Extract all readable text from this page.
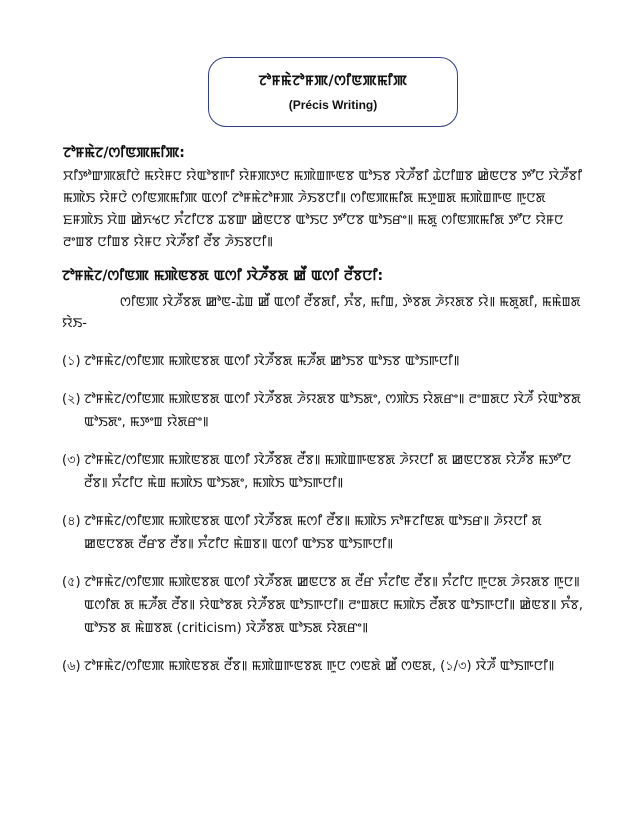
ꯖꯣꯝꯃꯥꯖꯣꯝꯄ/ꯁꯤꯟꯄꯃꯤꯄ
(Précis Writing)
ꯖꯣꯝꯃꯥꯖ/ꯁꯤꯟꯄꯃꯤꯄ:
ꯆꯤꯇꯣꯛꯄꯗꯤꯅꯥ ꯃꯌꯥꯝꯅ ꯌꯥꯑꯣꯕꯒꯤ ꯌꯥꯝꯄꯇꯅ ꯃꯄꯥꯡꯒꯟꯕ ꯑꯣꯏꯕ ꯋꯥꯍꯩꯕꯤ ꯊꯥꯅꯤꯡꯕ ꯀꯥꯟꯅꯕ ꯇꯧꯅ ꯋꯥꯍꯩꯕꯤ ꯃꯄꯥꯏ ꯌꯥꯝꯅꯥ ꯁꯤꯟꯄꯃꯤꯄ ꯑꯁꯤ ꯖꯣꯝꯃꯥꯖꯣꯝꯄ ꯍꯥꯏꯕꯅꯤ꯫ ꯁꯤꯟꯄꯃꯤꯗ ꯃꯇꯨꯡꯗ ꯃꯄꯥꯡꯒꯟ ꯒꯨꯅꯗ ꯐꯝꯄꯥꯏ ꯆꯥꯡ ꯀꯥꯈꯠꯅ ꯈꯪꯖꯤꯅꯕ ꯊꯕꯛ ꯀꯥꯟꯅꯕ ꯑꯣꯏꯅ ꯇꯧꯅꯕ ꯑꯣꯏꯔꯦ꯫ ꯃꯗꯨ ꯁꯤꯟꯄꯃꯤꯗ ꯇꯧꯅ ꯌꯥꯝꯅ ꯂꯦꯡꯕ ꯅꯤꯡꯕ ꯌꯥꯝꯅ ꯋꯥꯍꯩꯕꯤ ꯂꯩꯕ ꯍꯥꯏꯕꯅꯤ꯫
ꯖꯣꯝꯃꯥꯖ/ꯁꯤꯟꯄ ꯃꯄꯥꯟꯕꯗ ꯑꯁꯤ ꯋꯥꯍꯩꯕꯗ ꯀꯩ ꯑꯁꯤ ꯂꯩꯕꯅꯤ:
ꯁꯤꯟꯄ ꯋꯥꯍꯩꯕꯗ ꯀꯣꯟ-ꯊꯥꯡ ꯀꯩ ꯑꯁꯤ ꯂꯩꯕꯗꯤ, ꯈꯪꯕ, ꯃꯤꯡ, ꯇꯥꯕꯗ ꯍꯥꯌꯗꯕ ꯌꯥ꯫ ꯃꯗꯨꯗꯤ, ꯃꯃꯥꯡꯗ ꯌꯥꯏ-
(১) ꯖꯣꯝꯃꯥꯖ/ꯁꯤꯟꯄ ꯃꯄꯥꯟꯕꯗ ꯑꯁꯤ ꯋꯥꯍꯩꯕꯗ ꯃꯍꯩꯗ ꯀꯣꯏꯕ ꯑꯣꯏꯕ ꯑꯣꯏꯒꯅꯤ꯫
(২) ꯖꯣꯝꯃꯥꯖ/ꯁꯤꯟꯄ ꯃꯄꯥꯟꯕꯗ ꯑꯁꯤ ꯋꯥꯍꯩꯕꯗ ꯍꯥꯌꯗꯕ ꯑꯣꯏꯗꯦ, ꯁꯄꯥꯏ ꯌꯥꯗꯔꯦ꯫ ꯂꯦꯡꯗꯅ ꯋꯥꯍꯩ ꯌꯥꯑꯣꯕꯗ ꯑꯣꯏꯗꯦ, ꯃꯇꯦꯡ ꯌꯥꯗꯔꯦ꯫
(৩) ꯖꯣꯝꯃꯥꯖ/ꯁꯤꯟꯄ ꯃꯄꯥꯟꯕꯗ ꯑꯁꯤ ꯋꯥꯍꯩꯕꯗ ꯂꯩꯕ꯫ ꯃꯄꯥꯡꯒꯟꯕꯗ ꯍꯥꯌꯅꯤ ꯗ ꯀꯟꯅꯕꯗ ꯌꯥꯍꯩꯕ ꯃꯇꯧꯅ ꯂꯩꯕ꯫ ꯈꯪꯖꯤꯅ ꯃꯥꯡ ꯃꯄꯥꯏ ꯑꯣꯏꯗꯦ, ꯃꯄꯥꯏ ꯑꯣꯏꯒꯅꯤ꯫
(৪) ꯖꯣꯝꯃꯥꯖ/ꯁꯤꯟꯄ ꯃꯄꯥꯟꯕꯗ ꯑꯁꯤ ꯋꯥꯍꯩꯕꯗ ꯃꯁꯤ ꯂꯩꯕ꯫ ꯃꯄꯥꯏ ꯈꯣꯝꯖꯤꯟꯗ ꯑꯣꯏꯔ꯫ ꯍꯥꯌꯅꯤ ꯗ ꯀꯟꯅꯕꯗ ꯂꯩꯔꯕ ꯂꯩꯕ꯫ ꯈꯪꯖꯤꯅ ꯃꯥꯡꯕ꯫ ꯑꯁꯤ ꯑꯣꯏꯕ ꯑꯣꯏꯒꯅꯤ꯫
(৫) ꯖꯣꯝꯃꯥꯖ/ꯁꯤꯟꯄ ꯃꯄꯥꯟꯕꯗ ꯑꯁꯤ ꯋꯥꯍꯩꯕꯗ ꯀꯟꯅꯕ ꯗ ꯂꯩꯔ ꯈꯪꯖꯤꯟ ꯂꯩꯕ꯫ ꯈꯪꯖꯤꯅ ꯒꯨꯅꯗ ꯍꯥꯌꯗꯕ ꯒꯨꯅ꯫ ꯑꯁꯤꯗ ꯗ ꯃꯍꯩꯗ ꯂꯩꯕ꯫ ꯌꯥꯑꯣꯕꯗ ꯌꯥꯍꯩꯕꯗ ꯑꯣꯏꯒꯅꯤ꯫ ꯂꯦꯡꯗꯅ ꯃꯄꯥꯏ ꯂꯩꯗꯕ ꯑꯣꯏꯒꯅꯤ꯫ ꯀꯥꯟꯕ꯫ ꯈꯪꯕ, ꯑꯣꯏꯕ ꯗ ꯃꯥꯡꯕꯗ (criticism) ꯋꯥꯍꯩꯕꯗ ꯑꯣꯏꯗ ꯌꯥꯗꯔꯦ꯫
(৬) ꯖꯣꯝꯃꯥꯖ/ꯁꯤꯟꯄ ꯃꯄꯥꯟꯕꯗ ꯂꯩꯕ꯫ ꯃꯄꯥꯡꯒꯟꯕꯗ ꯒꯨꯅ ꯁꯟꯗꯥ ꯀꯩ ꯁꯟꯗ, (১/৩) ꯋꯥꯍꯩ ꯑꯣꯏꯒꯅꯤ꯫
